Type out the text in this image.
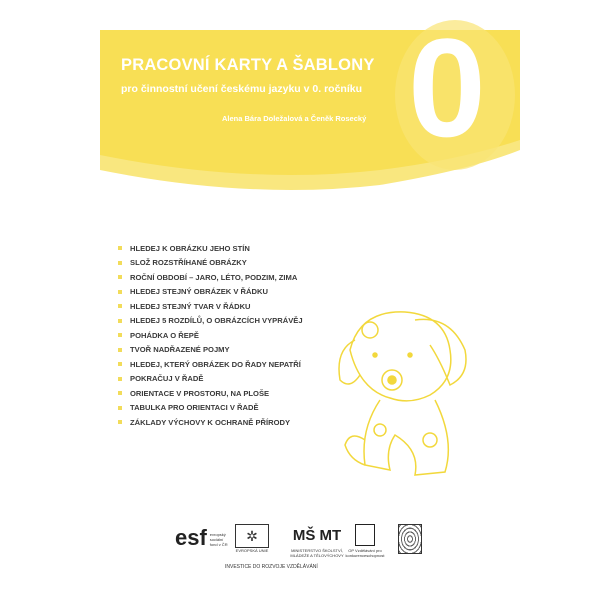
0
PRACOVNÍ KARTY A ŠABLONY
pro činnostní učení českému jazyku v 0. ročníku
Alena Bára Doležalová a Čeněk Rosecký
HLEDEJ K OBRÁZKU JEHO STÍN
SLOŽ ROZSTŘÍHANÉ OBRÁZKY
ROČNÍ OBDOBÍ – JARO, LÉTO, PODZIM, ZIMA
HLEDEJ STEJNÝ OBRÁZEK V ŘÁDKU
HLEDEJ STEJNÝ TVAR V ŘÁDKU
HLEDEJ 5 ROZDÍLŮ, O OBRÁZCÍCH VYPRÁVĚJ
POHÁDKA O ŘEPĚ
TVOŘ NADŘAZENÉ POJMY
HLEDEJ, KTERÝ OBRÁZEK DO ŘADY NEPATŘÍ
POKRAČUJ V ŘADĚ
ORIENTACE V PROSTORU, NA PLOŠE
TABULKA PRO ORIENTACI V ŘADĚ
ZÁKLADY VÝCHOVY K OCHRANĚ PŘÍRODY
esf evropský sociální fond v ČR
✲
EVROPSKÁ UNIE
MŠ MT
MINISTERSTVO ŠKOLSTVÍ, MLÁDEŽE A TĚLOVÝCHOVY
OP Vzdělávání pro konkurenceschopnost
INVESTICE DO ROZVOJE VZDĚLÁVÁNÍ
